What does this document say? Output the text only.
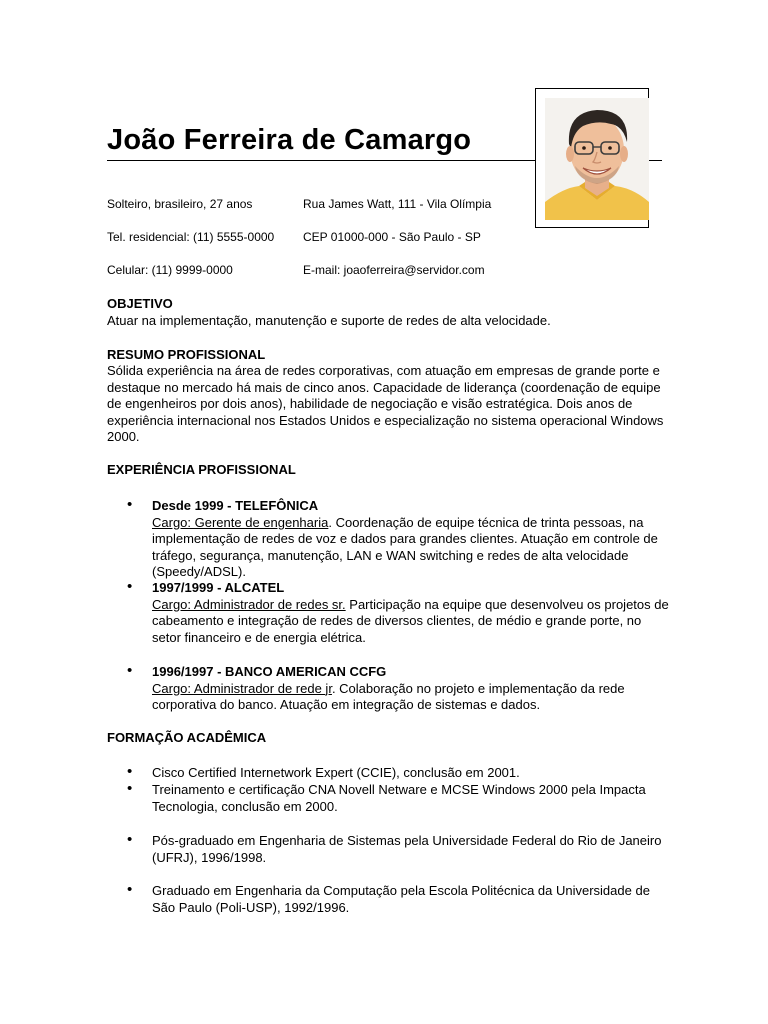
João Ferreira de Camargo
Solteiro, brasileiro, 27 anos	Rua James Watt, 111 - Vila Olímpia
Tel. residencial: (11) 5555-0000 CEP 01000-000 - São Paulo - SP
Celular: (11) 9999-0000	E-mail: joaoferreira@servidor.com
OBJETIVO
Atuar na implementação, manutenção e suporte de redes de alta velocidade.
RESUMO PROFISSIONAL
Sólida experiência na área de redes corporativas, com atuação em empresas de grande porte e destaque no mercado há mais de cinco anos. Capacidade de liderança (coordenação de equipe de engenheiros por dois anos), habilidade de negociação e visão estratégica. Dois anos de experiência internacional nos Estados Unidos e especialização no sistema operacional Windows 2000.
EXPERIÊNCIA PROFISSIONAL
•
Desde 1999 - TELEFÔNICA
Cargo: Gerente de engenharia. Coordenação de equipe técnica de trinta pessoas, na implementação de redes de voz e dados para grandes clientes. Atuação em controle de tráfego, segurança, manutenção, LAN e WAN switching e redes de alta velocidade (Speedy/ADSL).
•
1997/1999 - ALCATEL
Cargo: Administrador de redes sr. Participação na equipe que desenvolveu os projetos de cabeamento e integração de redes de diversos clientes, de médio e grande porte, no setor financeiro e de energia elétrica.
•
1996/1997 - BANCO AMERICAN CCFG
Cargo: Administrador de rede jr. Colaboração no projeto e implementação da rede corporativa do banco. Atuação em integração de sistemas e dados.
FORMAÇÃO ACADÊMICA
•
Cisco Certified Internetwork Expert (CCIE), conclusão em 2001.
•
Treinamento e certificação CNA Novell Netware e MCSE Windows 2000 pela Impacta Tecnologia, conclusão em 2000.
•
Pós-graduado em Engenharia de Sistemas pela Universidade Federal do Rio de Janeiro (UFRJ), 1996/1998.
•
Graduado em Engenharia da Computação pela Escola Politécnica da Universidade de São Paulo (Poli-USP), 1992/1996.
